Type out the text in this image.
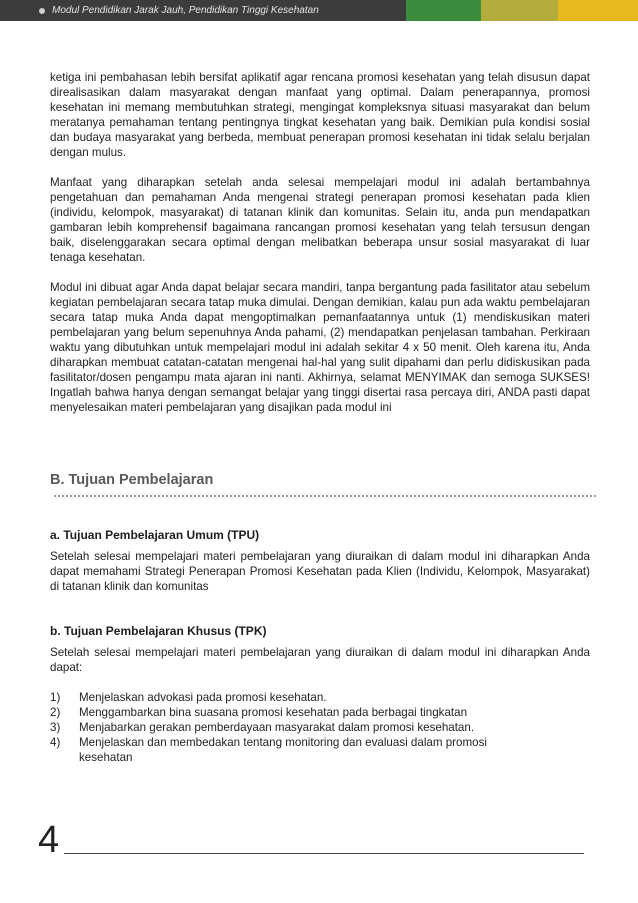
Modul Pendidikan Jarak Jauh, Pendidikan Tinggi Kesehatan

ketiga ini pembahasan lebih bersifat aplikatif agar rencana promosi kesehatan yang telah disusun dapat direalisasikan dalam masyarakat dengan manfaat yang optimal. Dalam penerapannya, promosi kesehatan ini memang membutuhkan strategi, mengingat kompleksnya situasi masyarakat dan belum meratanya pemahaman tentang pentingnya tingkat kesehatan yang baik. Demikian pula kondisi sosial dan budaya masyarakat yang berbeda, membuat penerapan promosi kesehatan ini tidak selalu berjalan dengan mulus.

Manfaat yang diharapkan setelah anda selesai mempelajari modul ini adalah bertambahnya pengetahuan dan pemahaman Anda mengenai strategi penerapan promosi kesehatan pada klien (individu, kelompok, masyarakat) di tatanan klinik dan komunitas. Selain itu, anda pun mendapatkan gambaran lebih komprehensif bagaimana rancangan promosi kesehatan yang telah tersusun dengan baik, diselenggarakan secara optimal dengan melibatkan beberapa unsur sosial masyarakat di luar tenaga kesehatan.

Modul ini dibuat agar Anda dapat belajar secara mandiri, tanpa bergantung pada fasilitator atau sebelum kegiatan pembelajaran secara tatap muka dimulai. Dengan demikian, kalau pun ada waktu pembelajaran secara tatap muka Anda dapat mengoptimalkan pemanfaatannya untuk (1) mendiskusikan materi pembelajaran yang belum sepenuhnya Anda pahami, (2) mendapatkan penjelasan tambahan. Perkiraan waktu yang dibutuhkan untuk mempelajari modul ini adalah sekitar 4 x 50 menit. Oleh karena itu, Anda diharapkan membuat catatan-catatan mengenai hal-hal yang sulit dipahami dan perlu didiskusikan pada fasilitator/dosen pengampu mata ajaran ini nanti. Akhirnya, selamat MENYIMAK dan semoga SUKSES! Ingatlah bahwa hanya dengan semangat belajar yang tinggi disertai rasa percaya diri, ANDA pasti dapat menyelesaikan materi pembelajaran yang disajikan pada modul ini

B. Tujuan Pembelajaran
a. Tujuan Pembelajaran Umum (TPU)

Setelah selesai mempelajari materi pembelajaran yang diuraikan di dalam modul ini diharapkan Anda dapat memahami Strategi Penerapan Promosi Kesehatan pada Klien (Individu, Kelompok, Masyarakat) di tatanan klinik dan komunitas

b. Tujuan Pembelajaran Khusus (TPK)

Setelah selesai mempelajari materi pembelajaran yang diuraikan di dalam modul ini diharapkan Anda dapat:

1)	Menjelaskan advokasi pada promosi kesehatan.
2)	Menggambarkan bina suasana promosi kesehatan pada berbagai tingkatan
3)	Menjabarkan gerakan pemberdayaan masyarakat dalam promosi kesehatan.
4)	Menjelaskan dan membedakan tentang monitoring dan evaluasi dalam promosi kesehatan
4
